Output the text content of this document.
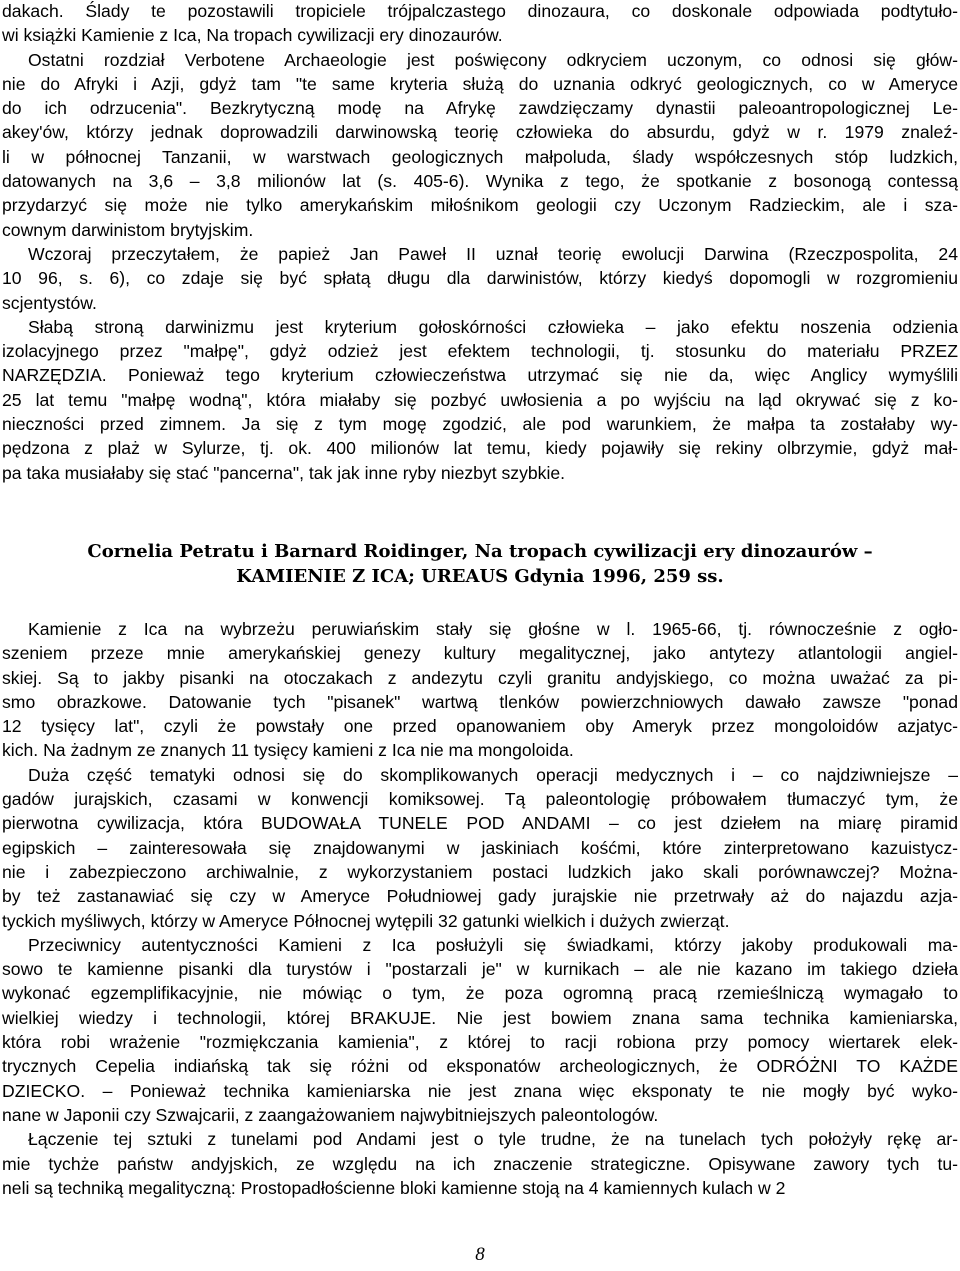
dakach. Ślady te pozostawili tropiciele trójpalczastego dinozaura, co doskonale odpowiada podtytuło-
wi książki Kamienie z Ica, Na tropach cywilizacji ery dinozaurów.

Ostatni rozdział Verbotene Archaeologie jest poświęcony odkryciem uczonym, co odnosi się głów-
nie do Afryki i Azji, gdyż tam "te same kryteria służą do uznania odkryć geologicznych, co w Ameryce
do ich odrzucenia". Bezkrytyczną modę na Afrykę zawdzięczamy dynastii paleoantropologicznej Le-
akey'ów, którzy jednak doprowadzili darwinowską teorię człowieka do absurdu, gdyż w r. 1979 znaleź-
li w północnej Tanzanii, w warstwach geologicznych małpoluda, ślady współczesnych stóp ludzkich,
datowanych na 3,6 – 3,8 milionów lat (s. 405-6). Wynika z tego, że spotkanie z bosonogą contessą
przydarzyć się może nie tylko amerykańskim miłośnikom geologii czy Uczonym Radzieckim, ale i sza-
cownym darwinistom brytyjskim.

Wczoraj przeczytałem, że papież Jan Paweł II uznał teorię ewolucji Darwina (Rzeczpospolita, 24
10 96, s. 6), co zdaje się być spłatą długu dla darwinistów, którzy kiedyś dopomogli w rozgromieniu
scjentystów.

Słabą stroną darwinizmu jest kryterium gołoskórności człowieka – jako efektu noszenia odzienia
izolacyjnego przez "małpę", gdyż odzież jest efektem technologii, tj. stosunku do materiału PRZEZ
NARZĘDZIA. Ponieważ tego kryterium człowieczeństwa utrzymać się nie da, więc Anglicy wymyślili
25 lat temu "małpę wodną", która miałaby się pozbyć uwłosienia a po wyjściu na ląd okrywać się z ko-
nieczności przed zimnem. Ja się z tym mogę zgodzić, ale pod warunkiem, że małpa ta zostałaby wy-
pędzona z plaż w Sylurze, tj. ok. 400 milionów lat temu, kiedy pojawiły się rekiny olbrzymie, gdyż mał-
pa taka musiałaby się stać "pancerna", tak jak inne ryby niezbyt szybkie.

Cornelia Petratu i Barnard Roidinger, Na tropach cywilizacji ery dinozaurów –
KAMIENIE Z ICA; UREAUS Gdynia 1996, 259 ss.

Kamienie z Ica na wybrzeżu peruwiańskim stały się głośne w l. 1965-66, tj. równocześnie z ogło-
szeniem przeze mnie amerykańskiej genezy kultury megalitycznej, jako antytezy atlantologii angiel-
skiej. Są to jakby pisanki na otoczakach z andezytu czyli granitu andyjskiego, co można uważać za pi-
smo obrazkowe. Datowanie tych "pisanek" wartwą tlenków powierzchniowych dawało zawsze "ponad
12 tysięcy lat", czyli że powstały one przed opanowaniem oby Ameryk przez mongoloidów azjatyc-
kich. Na żadnym ze znanych 11 tysięcy kamieni z Ica nie ma mongoloida.

Duża część tematyki odnosi się do skomplikowanych operacji medycznych i – co najdziwniejsze –
gadów jurajskich, czasami w konwencji komiksowej. Tą paleontologię próbowałem tłumaczyć tym, że
pierwotna cywilizacja, która BUDOWAŁA TUNELE POD ANDAMI – co jest dziełem na miarę piramid
egipskich – zainteresowała się znajdowanymi w jaskiniach kośćmi, które zinterpretowano kazuistycz-
nie i zabezpieczono archiwalnie, z wykorzystaniem postaci ludzkich jako skali porównawczej? Można-
by też zastanawiać się czy w Ameryce Południowej gady jurajskie nie przetrwały aż do najazdu azja-
tyckich myśliwych, którzy w Ameryce Północnej wytępili 32 gatunki wielkich i dużych zwierząt.

Przeciwnicy autentyczności Kamieni z Ica posłużyli się świadkami, którzy jakoby produkowali ma-
sowo te kamienne pisanki dla turystów i "postarzali je" w kurnikach – ale nie kazano im takiego dzieła
wykonać egzemplifikacyjnie, nie mówiąc o tym, że poza ogromną pracą rzemieślniczą wymagało to
wielkiej wiedzy i technologii, której BRAKUJE. Nie jest bowiem znana sama technika kamieniarska,
która robi wrażenie "rozmiękczania kamienia", z której to racji robiona przy pomocy wiertarek elek-
trycznych Cepelia indiańską tak się różni od eksponatów archeologicznych, że ODRÓŻNI TO KAŻDE
DZIECKO. – Ponieważ technika kamieniarska nie jest znana więc eksponaty te nie mogły być wyko-
nane w Japonii czy Szwajcarii, z zaangażowaniem najwybitniejszych paleontologów.

Łączenie tej sztuki z tunelami pod Andami jest o tyle trudne, że na tunelach tych położyły rękę ar-
mie tychże państw andyjskich, ze względu na ich znaczenie strategiczne. Opisywane zawory tych tu-
neli są techniką megalityczną: Prostopadłościenne bloki kamienne stoją na 4 kamiennych kulach w 2

8
